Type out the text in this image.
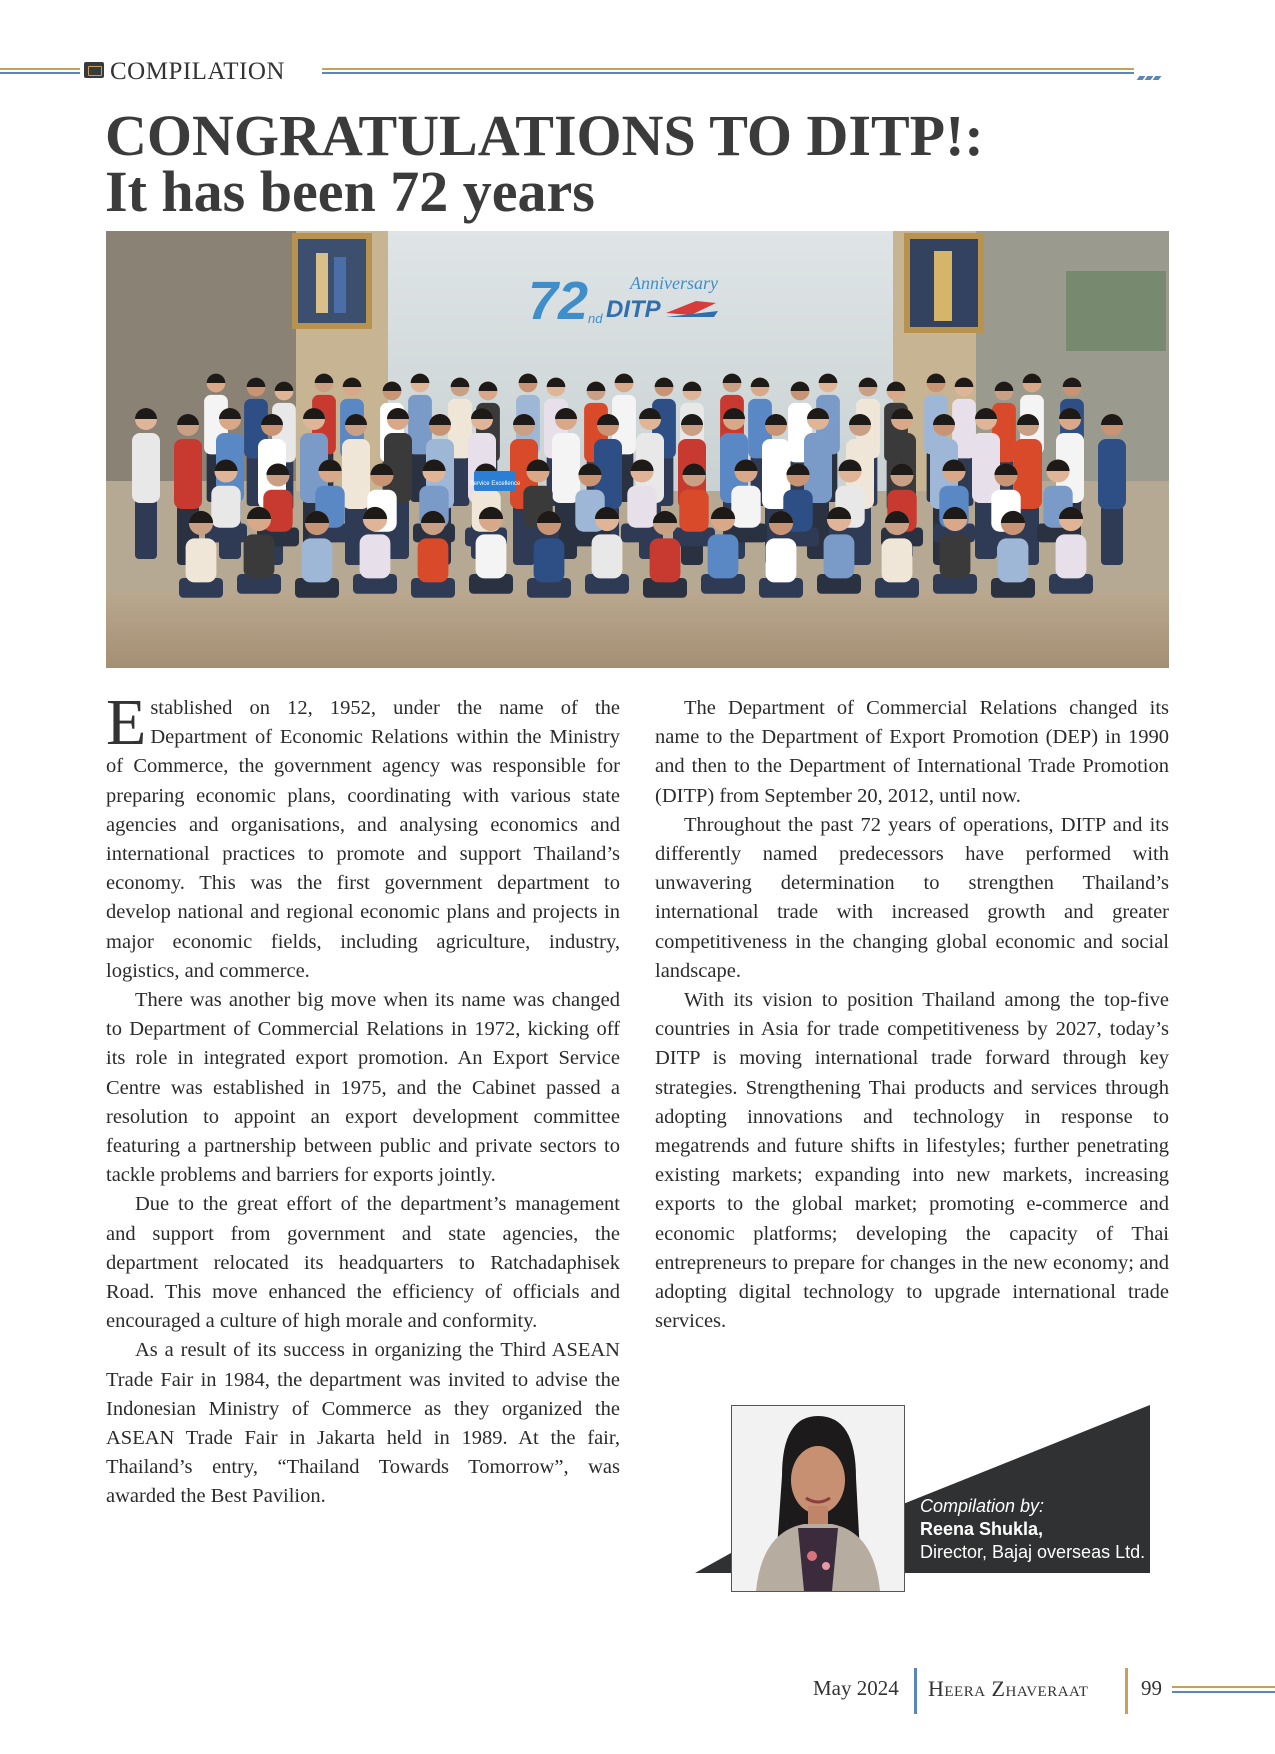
COMPILATION
CONGRATULATIONS TO DITP!:
It has been 72 years
72 nd
Anniversary
DITP
Service Excellence

Established on 12, 1952, under the name of the Department of Economic Relations within the Ministry of Commerce, the government agency was responsible for preparing economic plans, coordinating with various state agencies and organisations, and analysing economics and international practices to promote and support Thailand’s economy. This was the first government department to develop national and regional economic plans and projects in major economic fields, including agriculture, industry, logistics, and commerce.

There was another big move when its name was changed to Department of Commercial Relations in 1972, kicking off its role in integrated export promotion. An Export Service Centre was established in 1975, and the Cabinet passed a resolution to appoint an export development committee featuring a partnership between public and private sectors to tackle problems and barriers for exports jointly.

Due to the great effort of the department’s management and support from government and state agencies, the department relocated its headquarters to Ratchadaphisek Road. This move enhanced the efficiency of officials and encouraged a culture of high morale and conformity.

As a result of its success in organizing the Third ASEAN Trade Fair in 1984, the department was invited to advise the Indonesian Ministry of Commerce as they organized the ASEAN Trade Fair in Jakarta held in 1989. At the fair, Thailand’s entry, “Thailand Towards Tomorrow”, was awarded the Best Pavilion.

The Department of Commercial Relations changed its name to the Department of Export Promotion (DEP) in 1990 and then to the Department of International Trade Promotion (DITP) from September 20, 2012, until now.

Throughout the past 72 years of operations, DITP and its differently named predecessors have performed with unwavering determination to strengthen Thailand’s international trade with increased growth and greater competitiveness in the changing global economic and social landscape.

With its vision to position Thailand among the top-five countries in Asia for trade competitiveness by 2027, today’s DITP is moving international trade forward through key strategies. Strengthening Thai products and services through adopting innovations and technology in response to megatrends and future shifts in lifestyles; further penetrating existing markets; expanding into new markets, increasing exports to the global market; promoting e-commerce and economic platforms; developing the capacity of Thai entrepreneurs to prepare for changes in the new economy; and adopting digital technology to upgrade international trade services.

Compilation by:
Reena Shukla,
Director, Bajaj overseas Ltd.
May 2024 Heera Zhaveraat	99
